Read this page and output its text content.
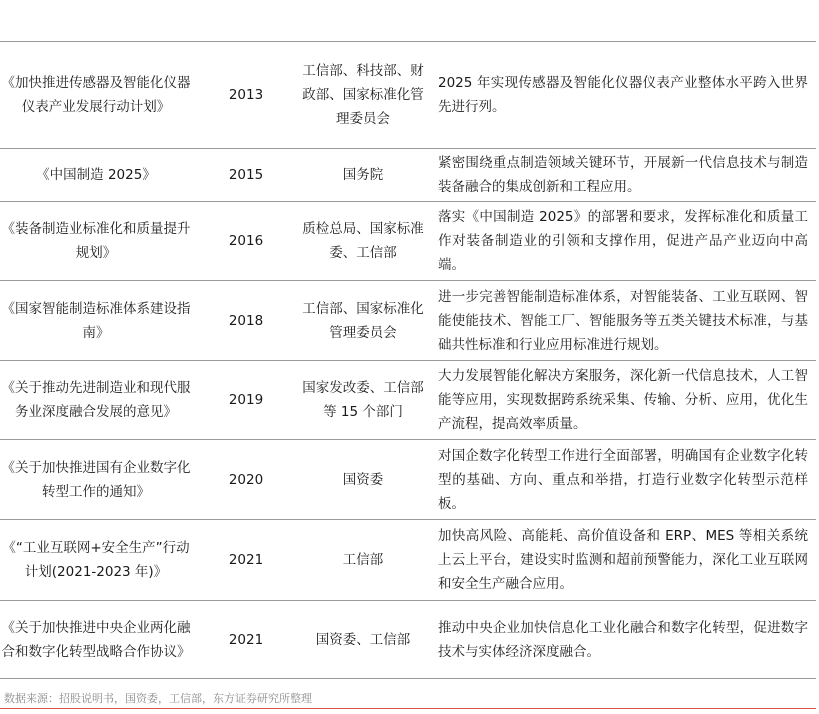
《加快推进传感器及智能化仪器仪表产业发展行动计划》	2013	工信部、科技部、财政部、国家标准化管理委员会	2025 年实现传感器及智能化仪器仪表产业整体水平跨入世界先进行列。
《中国制造 2025》	2015	国务院	紧密围绕重点制造领域关键环节，开展新一代信息技术与制造装备融合的集成创新和工程应用。
《装备制造业标准化和质量提升规划》	2016	质检总局、国家标准委、工信部	落实《中国制造 2025》的部署和要求，发挥标准化和质量工作对装备制造业的引领和支撑作用，促进产品产业迈向中高端。
《国家智能制造标准体系建设指南》	2018	工信部、国家标准化管理委员会	进一步完善智能制造标准体系，对智能装备、工业互联网、智能使能技术、智能工厂、智能服务等五类关键技术标准，与基础共性标准和行业应用标准进行规划。
《关于推动先进制造业和现代服务业深度融合发展的意见》	2019	国家发改委、工信部等 15 个部门	大力发展智能化解决方案服务，深化新一代信息技术，人工智能等应用，实现数据跨系统采集、传输、分析、应用，优化生产流程，提高效率质量。
《关于加快推进国有企业数字化转型工作的通知》	2020	国资委	对国企数字化转型工作进行全面部署，明确国有企业数字化转型的基础、方向、重点和举措，打造行业数字化转型示范样板。
《“工业互联网+安全生产”行动计划(2021-2023 年)》	2021	工信部	加快高风险、高能耗、高价值设备和 ERP、MES 等相关系统上云上平台，建设实时监测和超前预警能力，深化工业互联网和安全生产融合应用。
《关于加快推进中央企业两化融合和数字化转型战略合作协议》	2021	国资委、工信部	推动中央企业加快信息化工业化融合和数字化转型，促进数字技术与实体经济深度融合。
数据来源：招股说明书，国资委，工信部，东方证券研究所整理
